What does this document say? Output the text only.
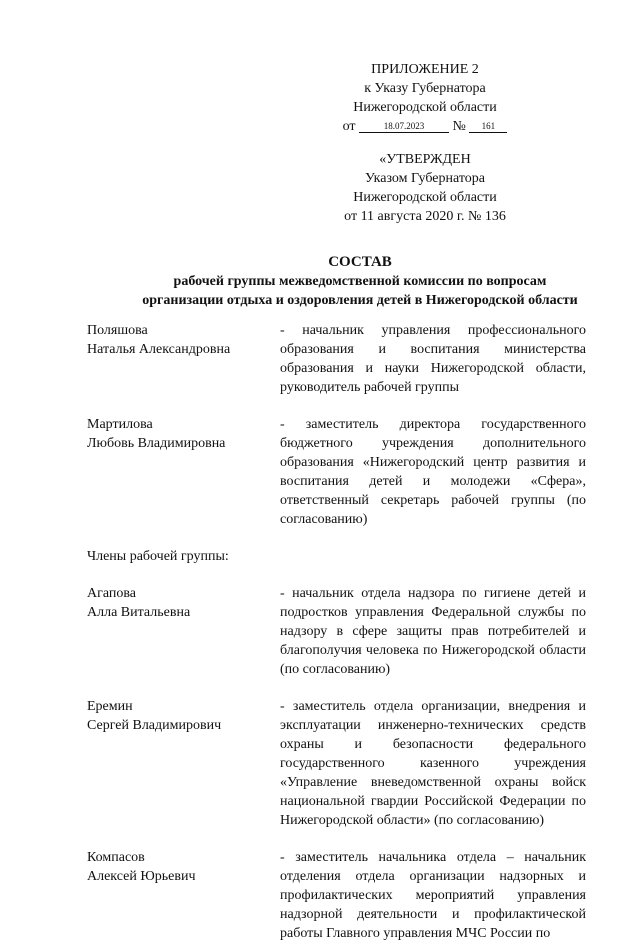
ПРИЛОЖЕНИЕ 2
к Указу Губернатора
Нижегородской области
от	18.07.2023 № 161
«УТВЕРЖДЕН
Указом Губернатора
Нижегородской области
от 11 августа 2020 г. № 136
СОСТАВ
рабочей группы межведомственной комиссии по вопросам
организации отдыха и оздоровления детей в Нижегородской области
Поляшова
Наталья Александровна
- начальник управления профессионального образования и воспитания министерства образования и науки Нижегородской области, руководитель рабочей группы
Мартилова
Любовь Владимировна
- заместитель директора государственного бюджетного учреждения дополнительного образования «Нижегородский центр развития и воспитания детей и молодежи «Сфера», ответственный секретарь рабочей группы (по согласованию)
Члены рабочей группы:
Агапова
Алла Витальевна
- начальник отдела надзора по гигиене детей и подростков управления Федеральной службы по надзору в сфере защиты прав потребителей и благополучия человека по Нижегородской области (по согласованию)
Еремин
Сергей Владимирович
- заместитель отдела организации, внедрения и эксплуатации инженерно-технических средств охраны и безопасности федерального государственного казенного учреждения «Управление вневедомственной охраны войск национальной гвардии Российской Федерации по Нижегородской области» (по согласованию)
Компасов
Алексей Юрьевич
- заместитель начальника отдела – начальник отделения отдела организации надзорных и профилактических мероприятий управления надзорной деятельности и профилактической работы Главного управления МЧС России по
